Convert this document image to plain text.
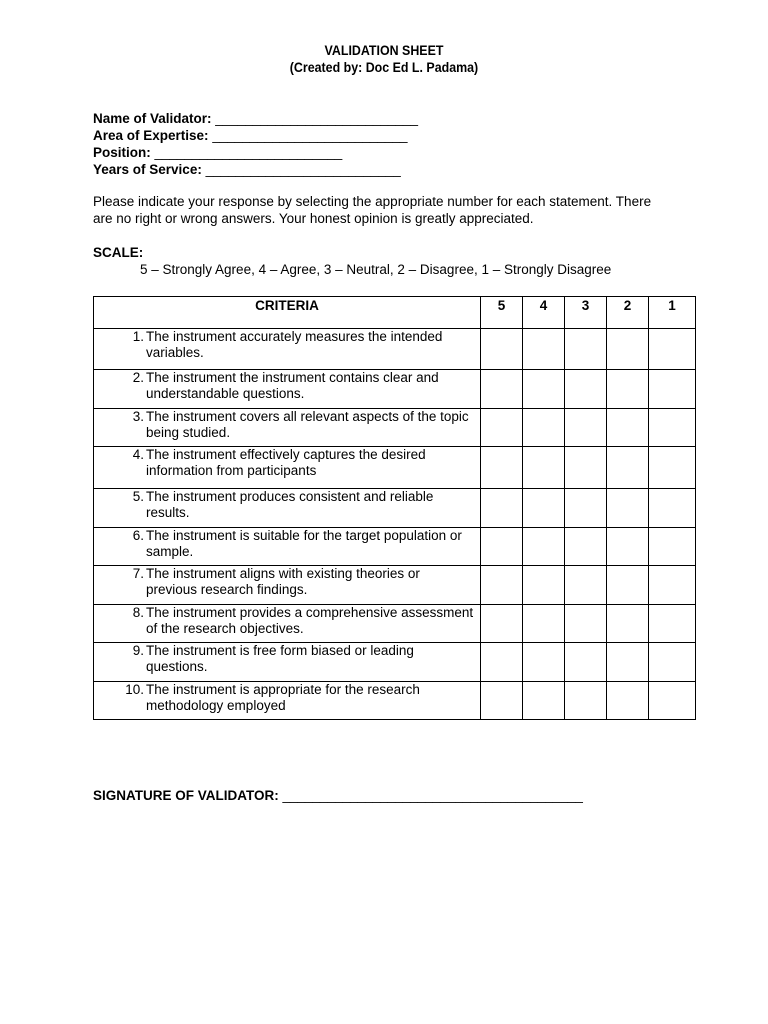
VALIDATION SHEET
(Created by: Doc Ed L. Padama)
Name of Validator: ___________________________
Area of Expertise: __________________________
Position: _________________________
Years of Service: __________________________
Please indicate your response by selecting the appropriate number for each statement. There are no right or wrong answers. Your honest opinion is greatly appreciated.
SCALE:
5 – Strongly Agree, 4 – Agree, 3 – Neutral, 2 – Disagree, 1 – Strongly Disagree
CRITERIA	5	4	3	2	1

1. The instrument accurately measures the intended variables.					

2. The instrument the instrument contains clear and understandable questions.					

3. The instrument covers all relevant aspects of the topic being studied.					

4. The instrument effectively captures the desired information from participants					

5. The instrument produces consistent and reliable results.					

6. The instrument is suitable for the target population or sample.					

7. The instrument aligns with existing theories or previous research findings.					

8. The instrument provides a comprehensive assessment of the research objectives.					

9. The instrument is free form biased or leading questions.					

10. The instrument is appropriate for the research methodology employed					

SIGNATURE OF VALIDATOR: ________________________________________
